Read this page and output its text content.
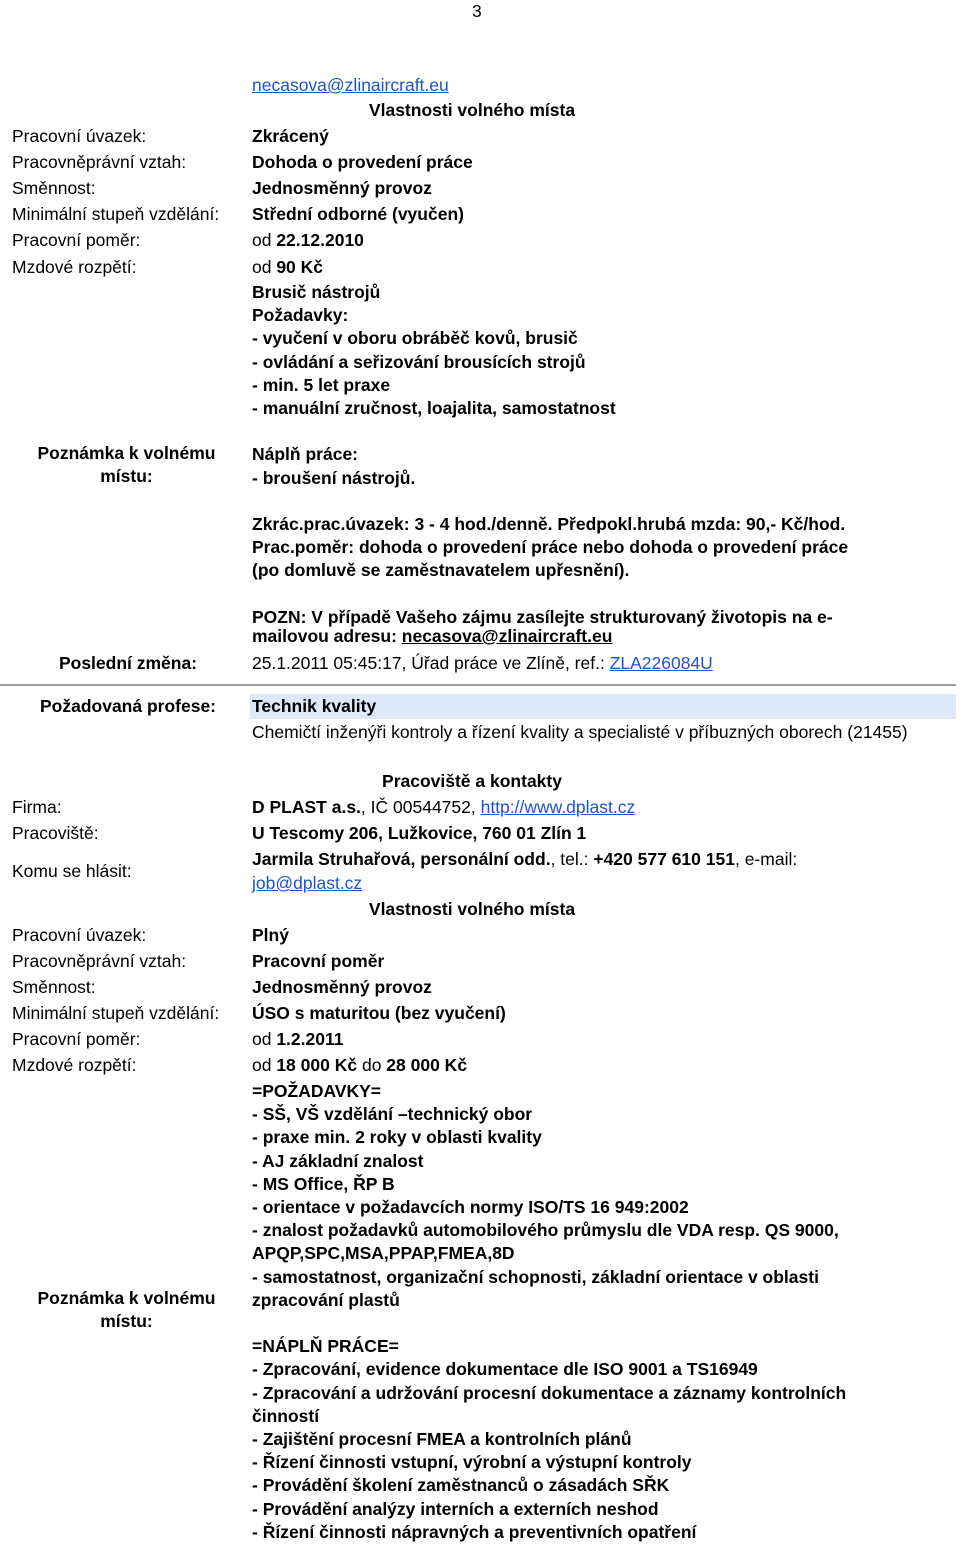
3
necasova@zlinaircraft.eu
Vlastnosti volného místa
Pracovní úvazek:	Zkrácený
Pracovněprávní vztah:	Dohoda o provedení práce
Směnnost:	Jednosměnný provoz
Minimální stupeň vzdělání: Střední odborné (vyučen)
Pracovní poměr:	od 22.12.2010
Mzdové rozpětí:	od 90 Kč
Poznámka k volnému místu:
Brusič nástrojů
Požadavky:
- vyučení v oboru obráběč kovů, brusič
- ovládání a seřizování brousících strojů
- min. 5 let praxe
- manuální zručnost, loajalita, samostatnost
Náplň práce:
- broušení nástrojů.
Zkrác.prac.úvazek: 3 - 4 hod./denně. Předpokl.hrubá mzda: 90,- Kč/hod.
Prac.poměr: dohoda o provedení práce nebo dohoda o provedení práce
(po domluvě se zaměstnavatelem upřesnění).
POZN: V případě Vašeho zájmu zasílejte strukturovaný životopis na e-
mailovou adresu: necasova@zlinaircraft.eu
Poslední změna:	25.1.2011 05:45:17, Úřad práce ve Zlíně, ref.: ZLA226084U
Požadovaná profese:	Technik kvality
Chemičtí inženýři kontroly a řízení kvality a specialisté v příbuzných oborech (21455)
Pracoviště a kontakty
Firma:	D PLAST a.s., IČ 00544752, http://www.dplast.cz
Pracoviště:	U Tescomy 206, Lužkovice, 760 01 Zlín 1
Komu se hlásit:
Jarmila Struhařová, personální odd., tel.: +420 577 610 151, e-mail:
job@dplast.cz
Vlastnosti volného místa
Pracovní úvazek:	Plný
Pracovněprávní vztah:	Pracovní poměr
Směnnost:	Jednosměnný provoz
Minimální stupeň vzdělání: ÚSO s maturitou (bez vyučení)
Pracovní poměr:	od 1.2.2011
Mzdové rozpětí:	od 18 000 Kč do 28 000 Kč
Poznámka k volnému místu:
=POŽADAVKY=
- SŠ, VŠ vzdělání –technický obor
- praxe min. 2 roky v oblasti kvality
- AJ základní znalost
- MS Office, ŘP B
- orientace v požadavcích normy ISO/TS 16 949:2002
- znalost požadavků automobilového průmyslu dle VDA resp. QS 9000,
APQP,SPC,MSA,PPAP,FMEA,8D
- samostatnost, organizační schopnosti, základní orientace v oblasti
zpracování plastů
=NÁPLŇ PRÁCE=
- Zpracování, evidence dokumentace dle ISO 9001 a TS16949
- Zpracování a udržování procesní dokumentace a záznamy kontrolních
činností
- Zajištění procesní FMEA a kontrolních plánů
- Řízení činnosti vstupní, výrobní a výstupní kontroly
- Provádění školení zaměstnanců o zásadách SŘK
- Provádění analýzy interních a externích neshod
- Řízení činnosti nápravných a preventivních opatření
